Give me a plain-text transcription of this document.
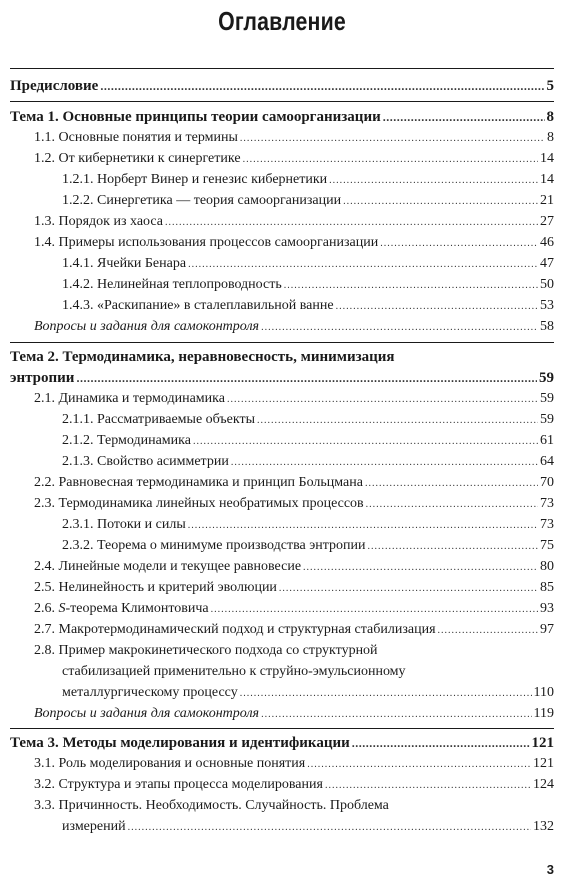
Оглавление
Предисловие .....	5
Тема 1. Основные принципы теории самоорганизации .....	8
1.1. Основные понятия и термины .....	8
1.2. От кибернетики к синергетике .....	14
1.2.1. Норберт Винер и генезис кибернетики .....	14
1.2.2. Синергетика — теория самоорганизации .....	21
1.3. Порядок из хаоса .....	27
1.4. Примеры использования процессов самоорганизации .....	46
1.4.1. Ячейки Бенара .....	47
1.4.2. Нелинейная теплопроводность .....	50
1.4.3. «Раскипание» в сталеплавильной ванне .....	53
Вопросы и задания для самоконтроля .....	58
Тема 2. Термодинамика, неравновесность, минимизация
энтропии .....	59
2.1. Динамика и термодинамика .....	59
2.1.1. Рассматриваемые объекты .....	59
2.1.2. Термодинамика .....	61
2.1.3. Свойство асимметрии .....	64
2.2. Равновесная термодинамика и принцип Больцмана .....	70
2.3. Термодинамика линейных необратимых процессов .....	73
2.3.1. Потоки и силы .....	73
2.3.2. Теорема о минимуме производства энтропии .....	75
2.4. Линейные модели и текущее равновесие .....	80
2.5. Нелинейность и критерий эволюции .....	85
2.6. S-теорема Климонтовича .....	93
2.7. Макротермодинамический подход и структурная стабилизация .....	97
2.8. Пример макрокинетического подхода со структурной
стабилизацией применительно к струйно-эмульсионному
металлургическому процессу .....	110
Вопросы и задания для самоконтроля .....	119
Тема 3. Методы моделирования и идентификации .....	121
3.1. Роль моделирования и основные понятия .....	121
3.2. Структура и этапы процесса моделирования .....	124
3.3. Причинность. Необходимость. Случайность. Проблема
измерений .....	132
3
